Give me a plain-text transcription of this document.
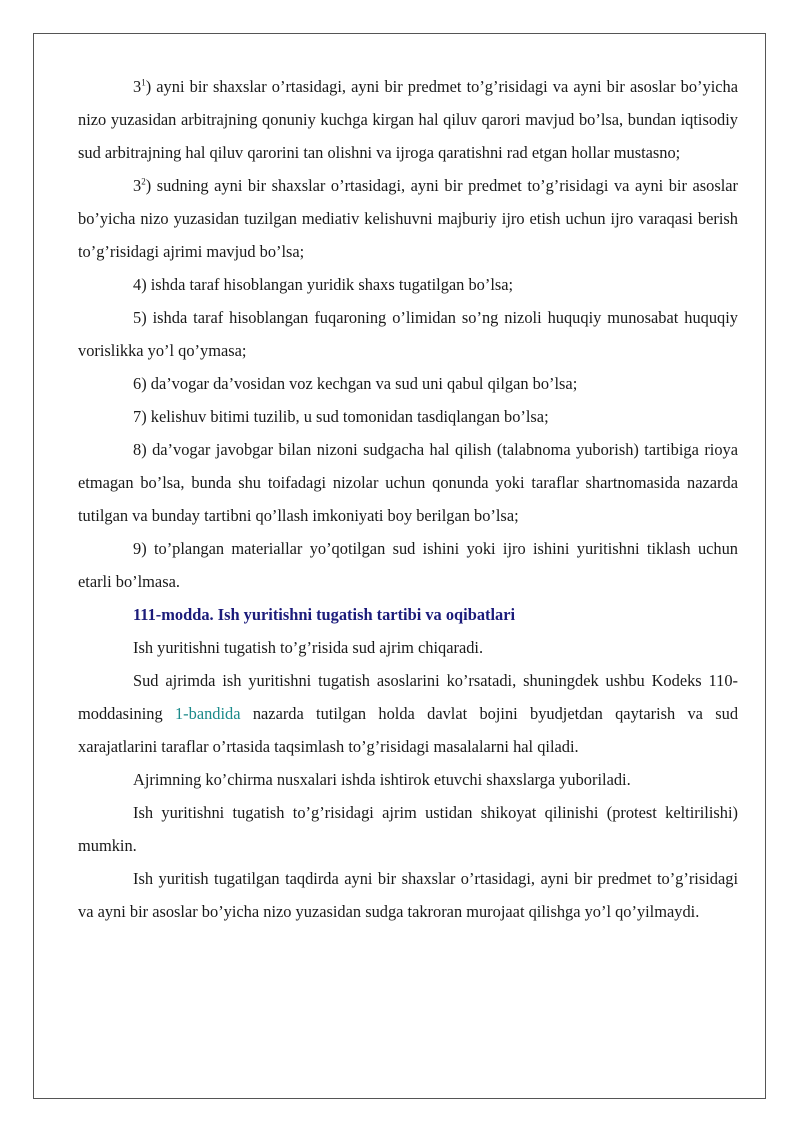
$3^1$) ayni bir shaxslar o’rtasidagi, ayni bir predmet to’g’risidagi va ayni bir asoslar bo’yicha nizo yuzasidan arbitrajning qonuniy kuchga kirgan hal qiluv qarori mavjud bo’lsa, bundan iqtisodiy sud arbitrajning hal qiluv qarorini tan olishni va ijroga qaratishni rad etgan hollar mustasno;

$3^2$) sudning ayni bir shaxslar o’rtasidagi, ayni bir predmet to’g’risidagi va ayni bir asoslar bo’yicha nizo yuzasidan tuzilgan mediativ kelishuvni majburiy ijro etish uchun ijro varaqasi berish to’g’risidagi ajrimi mavjud bo’lsa;

4) ishda taraf hisoblangan yuridik shaxs tugatilgan bo’lsa;

5) ishda taraf hisoblangan fuqaroning o’limidan so’ng nizoli huquqiy munosabat huquqiy vorislikka yo’l qo’ymasa;

6) da’vogar da’vosidan voz kechgan va sud uni qabul qilgan bo’lsa;

7) kelishuv bitimi tuzilib, u sud tomonidan tasdiqlangan bo’lsa;

8) da’vogar javobgar bilan nizoni sudgacha hal qilish (talabnoma yuborish) tartibiga rioya etmagan bo’lsa, bunda shu toifadagi nizolar uchun qonunda yoki taraflar shartnomasida nazarda tutilgan va bunday tartibni qo’llash imkoniyati boy berilgan bo’lsa;

9) to’plangan materiallar yo’qotilgan sud ishini yoki ijro ishini yuritishni tiklash uchun etarli bo’lmasa.

111-modda. Ish yuritishni tugatish tartibi va oqibatlari

Ish yuritishni tugatish to’g’risida sud ajrim chiqaradi.

Sud ajrimda ish yuritishni tugatish asoslarini ko’rsatadi, shuningdek ushbu Kodeks 110-moddasining 1-bandida nazarda tutilgan holda davlat bojini byudjetdan qaytarish va sud xarajatlarini taraflar o’rtasida taqsimlash to’g’risidagi masalalarni hal qiladi.

Ajrimning ko’chirma nusxalari ishda ishtirok etuvchi shaxslarga yuboriladi.

Ish yuritishni tugatish to’g’risidagi ajrim ustidan shikoyat qilinishi (protest keltirilishi) mumkin.

Ish yuritish tugatilgan taqdirda ayni bir shaxslar o’rtasidagi, ayni bir predmet to’g’risidagi va ayni bir asoslar bo’yicha nizo yuzasidan sudga takroran murojaat qilishga yo’l qo’yilmaydi.
